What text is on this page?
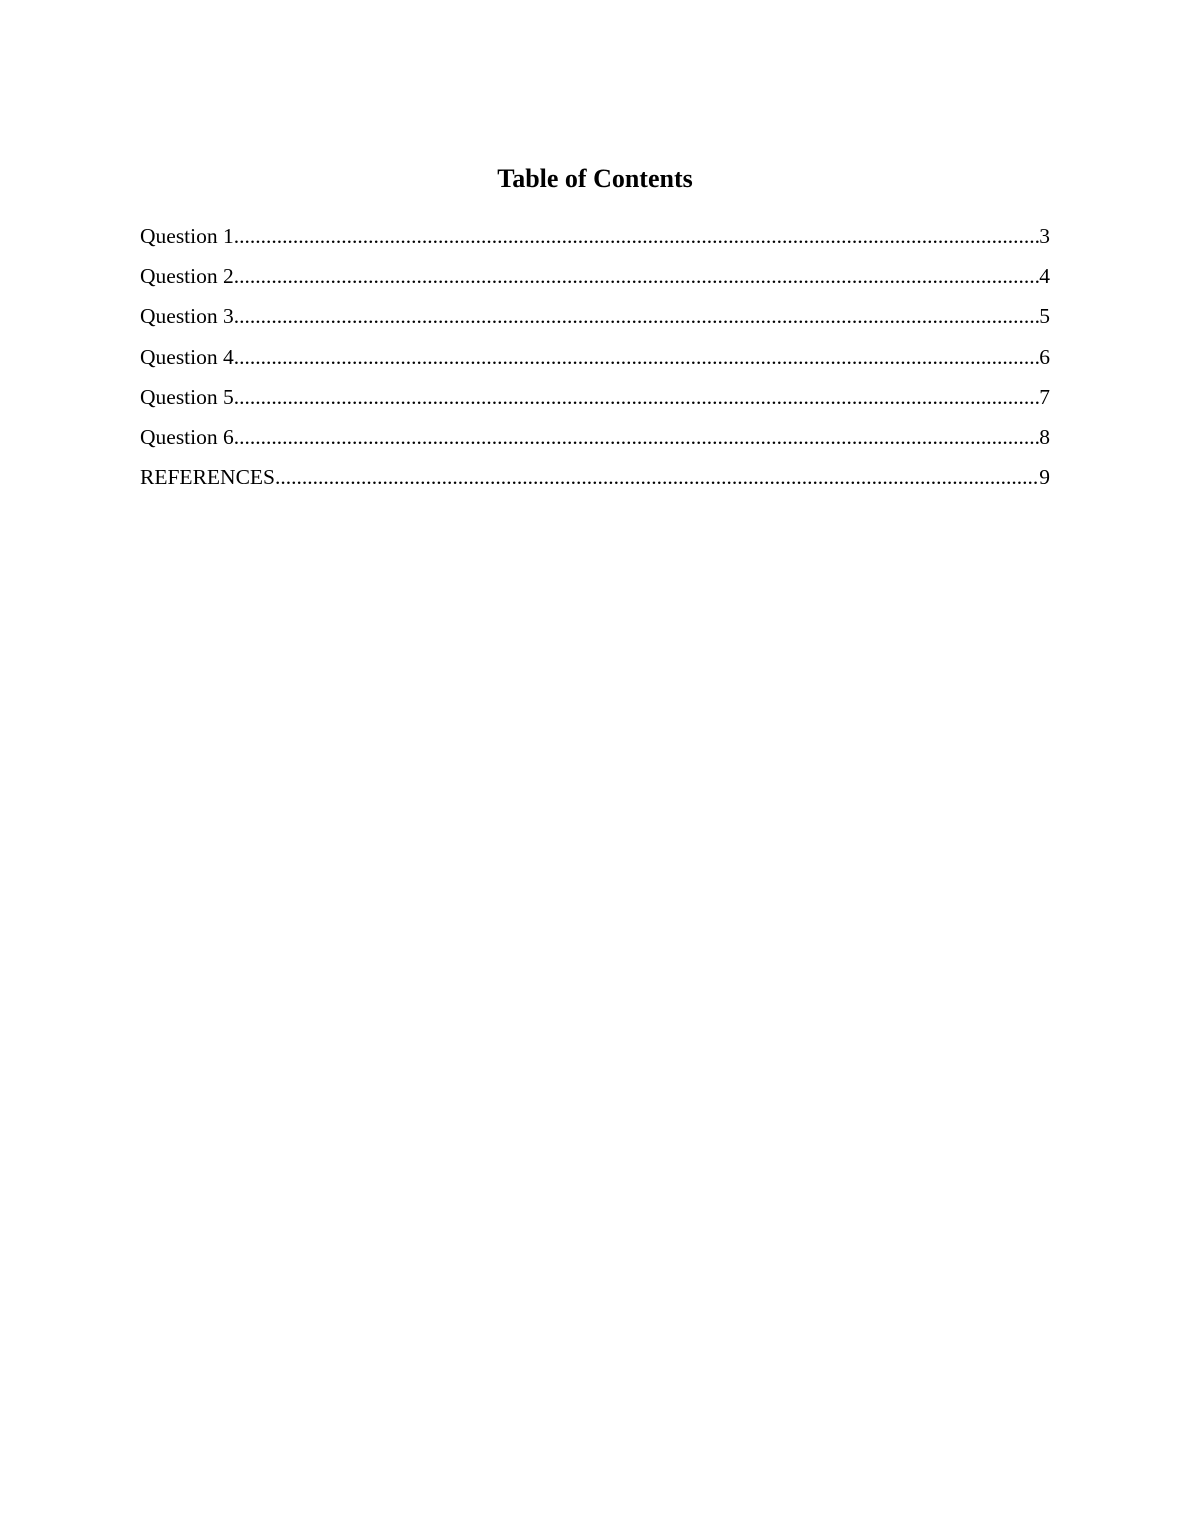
Table of Contents
Question 1 .....	3
Question 2 .....	4
Question 3 .....	5
Question 4 .....	6
Question 5 .....	7
Question 6 .....	8
REFERENCES .....	9
